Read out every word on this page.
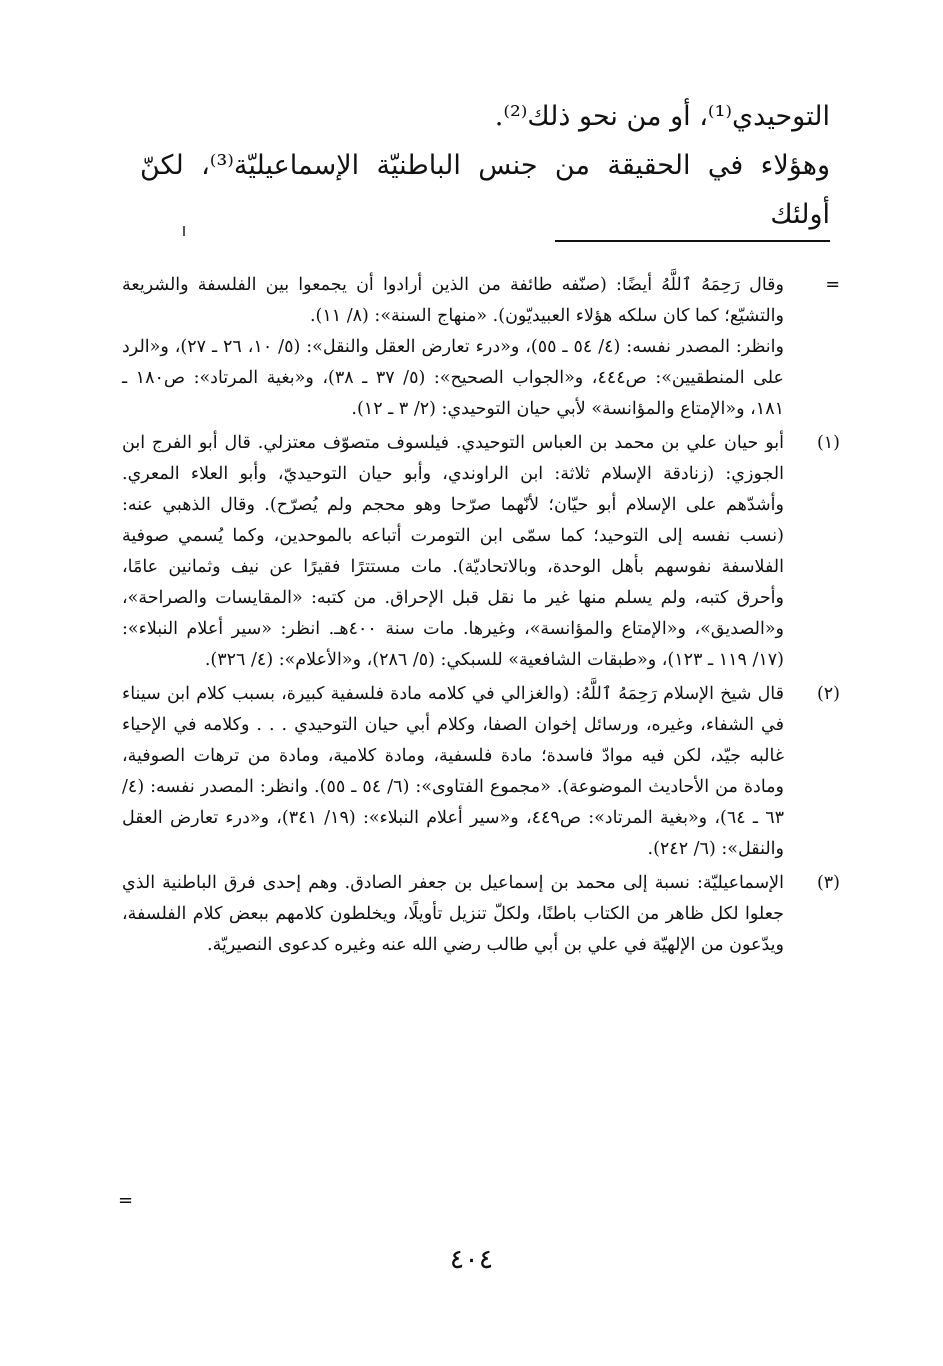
التوحيدي⁽¹⁾، أو من نحو ذلك⁽²⁾.

وهؤلاء في الحقيقة من جنس الباطنيّة الإسماعيليّة⁽³⁾، لكنّ أولئك

=

وقال رَحِمَهُ ٱللَّهُ أيضًا: (صنّفه طائفة من الذين أرادوا أن يجمعوا بين الفلسفة والشريعة والتشيّع؛ كما كان سلكه هؤلاء العبيديّون). «منهاج السنة»: (٨/ ١١).

وانظر: المصدر نفسه: (٤/ ٥٤ ـ ٥٥)، و«درء تعارض العقل والنقل»: (٥/ ١٠، ٢٦ ـ ٢٧)، و«الرد على المنطقيين»: ص٤٤٤، و«الجواب الصحيح»: (٥/ ٣٧ ـ ٣٨)، و«بغية المرتاد»: ص١٨٠ ـ ١٨١، و«الإمتاع والمؤانسة» لأبي حيان التوحيدي: (٢/ ٣ ـ ١٢).

(١)
أبو حيان علي بن محمد بن العباس التوحيدي. فيلسوف متصوّف معتزلي. قال أبو الفرج ابن الجوزي: (زنادقة الإسلام ثلاثة: ابن الراوندي، وأبو حيان التوحيديّ، وأبو العلاء المعري. وأشدّهم على الإسلام أبو حيّان؛ لأنّهما صرّحا وهو محجم ولم يُصرّح). وقال الذهبي عنه: (نسب نفسه إلى التوحيد؛ كما سمّى ابن التومرت أتباعه بالموحدين، وكما يُسمي صوفية الفلاسفة نفوسهم بأهل الوحدة، وبالاتحاديّة). مات مستترًا فقيرًا عن نيف وثمانين عامًا، وأحرق كتبه، ولم يسلم منها غير ما نقل قبل الإحراق. من كتبه: «المقايسات والصراحة»، و«الصديق»، و«الإمتاع والمؤانسة»، وغيرها. مات سنة ٤٠٠هـ. انظر: «سير أعلام النبلاء»: (١٧/ ١١٩ ـ ١٢٣)، و«طبقات الشافعية» للسبكي: (٥/ ٢٨٦)، و«الأعلام»: (٤/ ٣٢٦).
(٢)
قال شيخ الإسلام رَحِمَهُ ٱللَّهُ: (والغزالي في كلامه مادة فلسفية كبيرة، بسبب كلام ابن سيناء في الشفاء، وغيره، ورسائل إخوان الصفا، وكلام أبي حيان التوحيدي . . . وكلامه في الإحياء غالبه جيّد، لكن فيه موادّ فاسدة؛ مادة فلسفية، ومادة كلامية، ومادة من ترهات الصوفية، ومادة من الأحاديث الموضوعة). «مجموع الفتاوى»: (٦/ ٥٤ ـ ٥٥). وانظر: المصدر نفسه: (٤/ ٦٣ ـ ٦٤)، و«بغية المرتاد»: ص٤٤٩، و«سير أعلام النبلاء»: (١٩/ ٣٤١)، و«درء تعارض العقل والنقل»: (٦/ ٢٤٢).
(٣)
الإسماعيليّة: نسبة إلى محمد بن إسماعيل بن جعفر الصادق. وهم إحدى فرق الباطنية الذي جعلوا لكل ظاهر من الكتاب باطنًا، ولكلّ تنزيل تأويلًا، ويخلطون كلامهم ببعض كلام الفلسفة، ويدّعون من الإلهيّة في علي بن أبي طالب رضي الله عنه وغيره كدعوى النصيريّة.
=
٤٠٤
